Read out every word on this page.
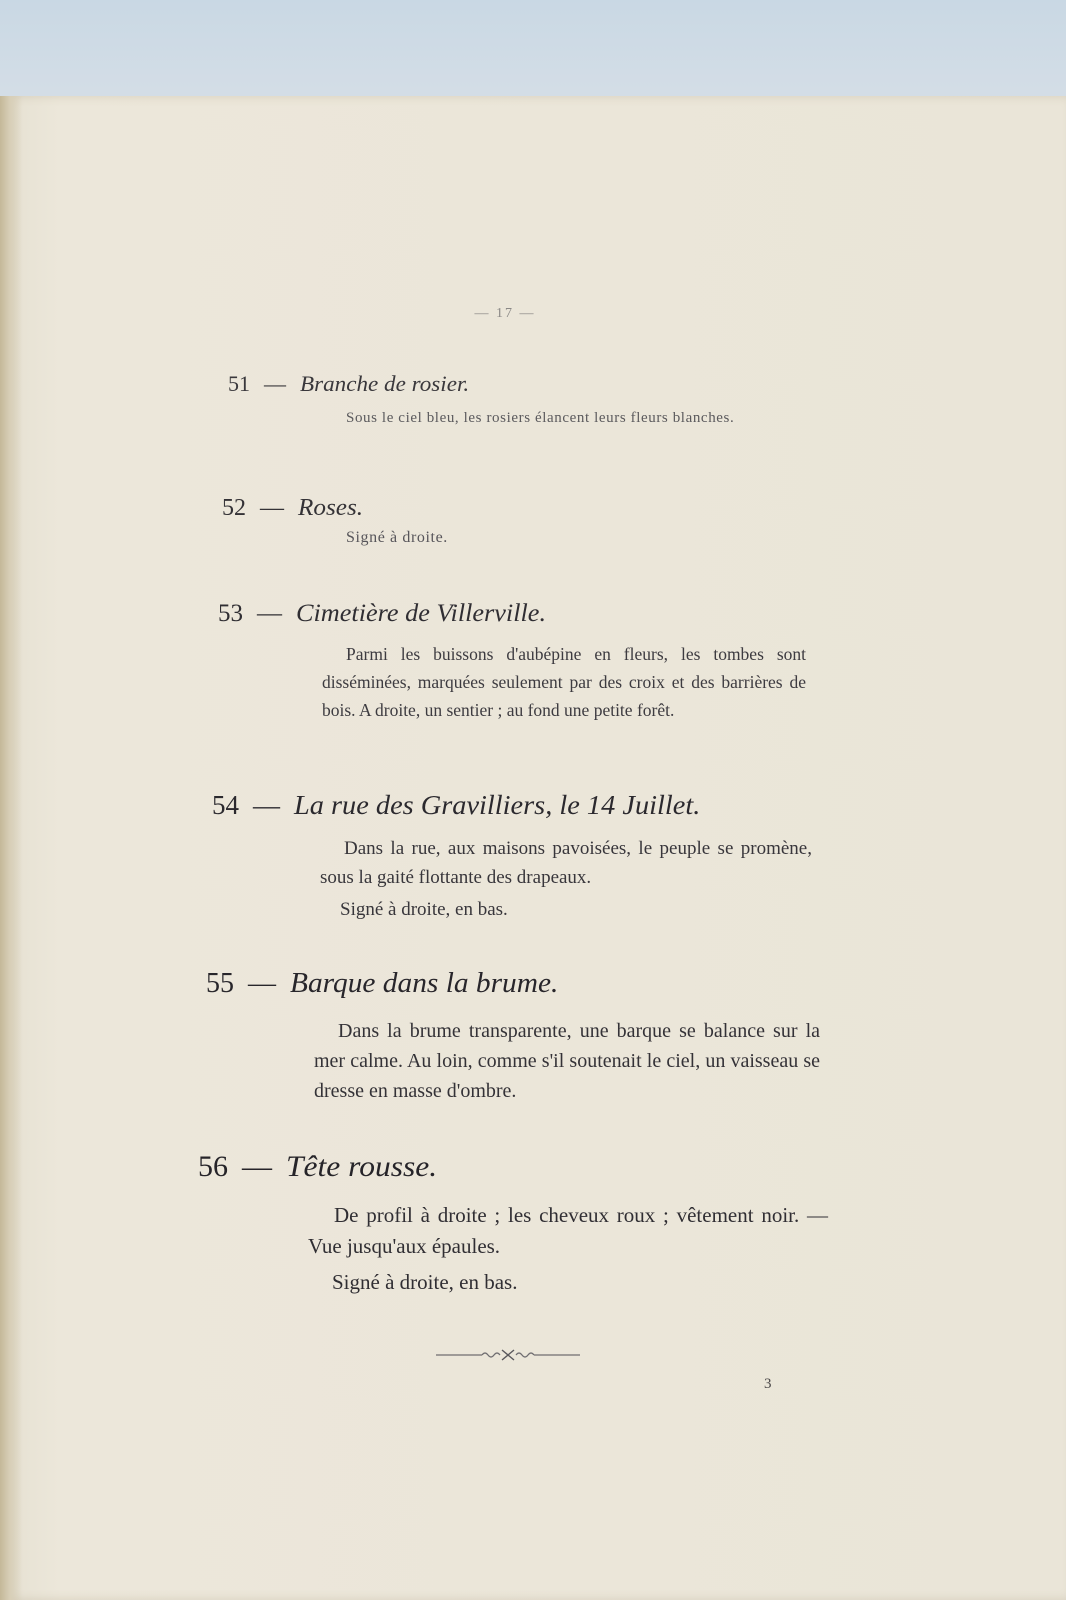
— 17 —
51 — Branche de rosier.

Sous le ciel bleu, les rosiers élancent leurs fleurs blanches.

52 — Roses.

Signé à droite.

53 — Cimetière de Villerville.

Parmi les buissons d'aubépine en fleurs, les tombes sont disséminées, marquées seulement par des croix et des barrières de bois. A droite, un sentier ; au fond une petite forêt.

54 — La rue des Gravilliers, le 14 Juillet.

Dans la rue, aux maisons pavoisées, le peuple se promène, sous la gaité flottante des drapeaux.

Signé à droite, en bas.

55 — Barque dans la brume.

Dans la brume transparente, une barque se balance sur la mer calme. Au loin, comme s'il soutenait le ciel, un vaisseau se dresse en masse d'ombre.

56 — Tête rousse.

De profil à droite ; les cheveux roux ; vêtement noir. — Vue jusqu'aux épaules.

Signé à droite, en bas.

3
